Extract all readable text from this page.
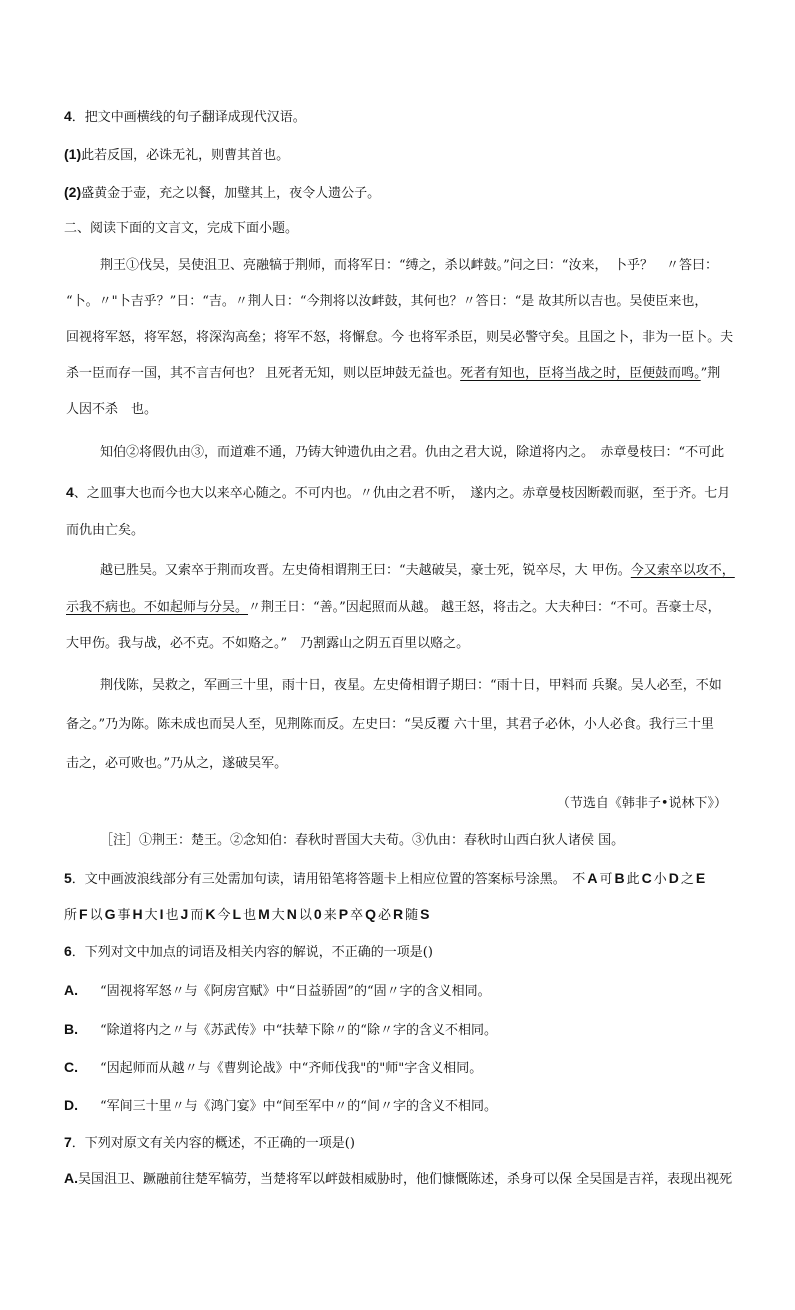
4．把文中画横线的句子翻译成现代汉语。
(1)此若反国，必诛无礼，则曹其首也。
(2)盛黄金于壶，充之以餐，加璧其上，夜令人遗公子。
二、阅读下面的文言文，完成下面小题。
荆王①伐吴，吴使沮卫、亮融犒于荆师，而将军日：“缚之，杀以衅鼓。”问之曰：“汝来，　卜乎？　〃答曰：
“卜。〃"卜吉乎？”日：“吉。〃荆人日：“今荆将以汝衅鼓，其何也？〃答日：“是 故其所以吉也。吴使臣来也，
回视将军怒，将军怒，将深沟高垒；将军不怒，将懈怠。今 也将军杀臣，则吴必警守矣。且国之卜，非为一臣卜。夫
杀一臣而存一国，其不言吉何也？ 且死者无知，则以臣坤鼓无益也。死者有知也，臣将当战之时，臣便鼓而鸣。”荆
人因不杀　也。
知伯②将假仇由③，而道难不通，乃铸大钟遗仇由之君。仇由之君大说，除道将内之。　赤章曼枝曰：“不可此
4、之皿事大也而今也大以来卒心随之。不可内也。〃仇由之君不听，　遂内之。赤章曼枝因断毂而驱，至于齐。七月
而仇由亡矣。
越已胜吴。又索卒于荆而攻晋。左史倚相谓荆王曰：“夫越破吴，豪士死，锐卒尽，大 甲伤。今又索卒以攻不，
示我不病也。不如起师与分吴。〃荆王日：“善。”因起照而从越。 越王怒，将击之。大夫种曰：“不可。吾豪士尽，
大甲伤。我与战，必不克。不如赂之。”　乃割露山之阴五百里以赂之。
荆伐陈，吴救之，军画三十里，雨十日，夜星。左史倚相谓子期曰：“雨十日，甲料而 兵聚。吴人必至，不如
备之。”乃为陈。陈未成也而吴人至，见荆陈而反。左史曰：“吴反覆 六十里，其君子必休，小人必食。我行三十里
击之，必可败也。”乃从之，遂破吴军。
（节选自《韩非子•说林下》）
［注］①荆王：楚王。②念知伯：春秋时晋国大夫荀。③仇由：春秋时山西白狄人诸侯 国。
5．文中画波浪线部分有三处需加句读，请用铅笔将答题卡上相应位置的答案标号涂黑。　不 A 可 B 此 C 小 D 之 E
所 F 以 G 事 H 大 I 也 J 而 K 今 L 也 M 大 N 以 0 来 P 卒 Q 必 R 随 S
6．下列对文中加点的词语及相关内容的解说，不正确的一项是()
A. “固视将军怒〃与《阿房宫赋》中“日益骄固”的“固〃字的含义相同。
B. “除道将内之〃与《苏武传》中“扶辇下除〃的“除〃字的含义不相同。
C. “因起师而从越〃与《曹刿论战》中“齐师伐我"的"师"字含义相同。
D. “军间三十里〃与《鸿门宴》中“间至军中〃的“间〃字的含义不相同。
7．下列对原文有关内容的概述，不正确的一项是()
A.吴国沮卫、蹶融前往楚军犒劳，当楚将军以衅鼓相威胁时，他们慷慨陈述，杀身可以保 全吴国是吉祥，表现出视死
